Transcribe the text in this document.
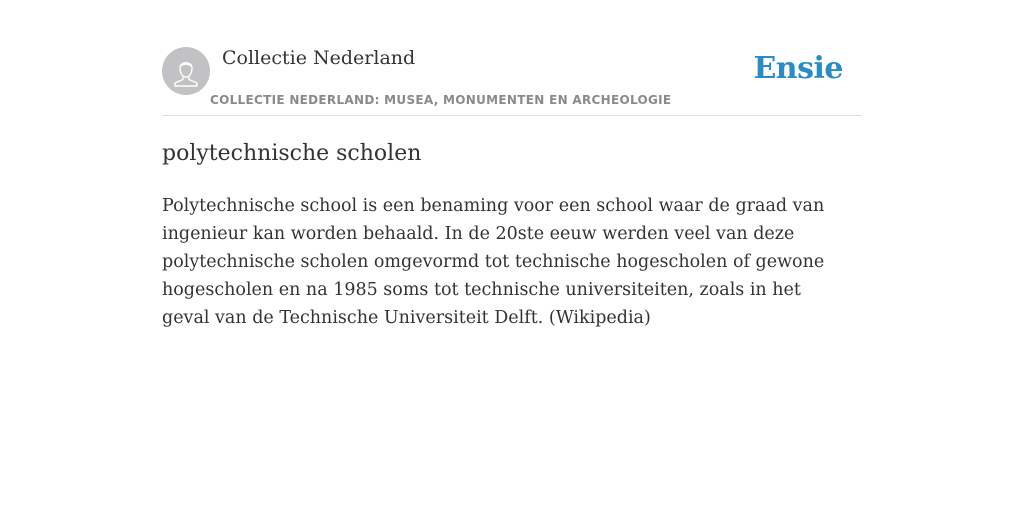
Collectie Nederland
COLLECTIE NEDERLAND: MUSEA, MONUMENTEN EN ARCHEOLOGIE
Ensie
polytechnische scholen

Polytechnische school is een benaming voor een school waar de graad van ingenieur kan worden behaald. In de 20ste eeuw werden veel van deze polytechnische scholen omgevormd tot technische hogescholen of gewone hogescholen en na 1985 soms tot technische universiteiten, zoals in het geval van de Technische Universiteit Delft. (Wikipedia)
